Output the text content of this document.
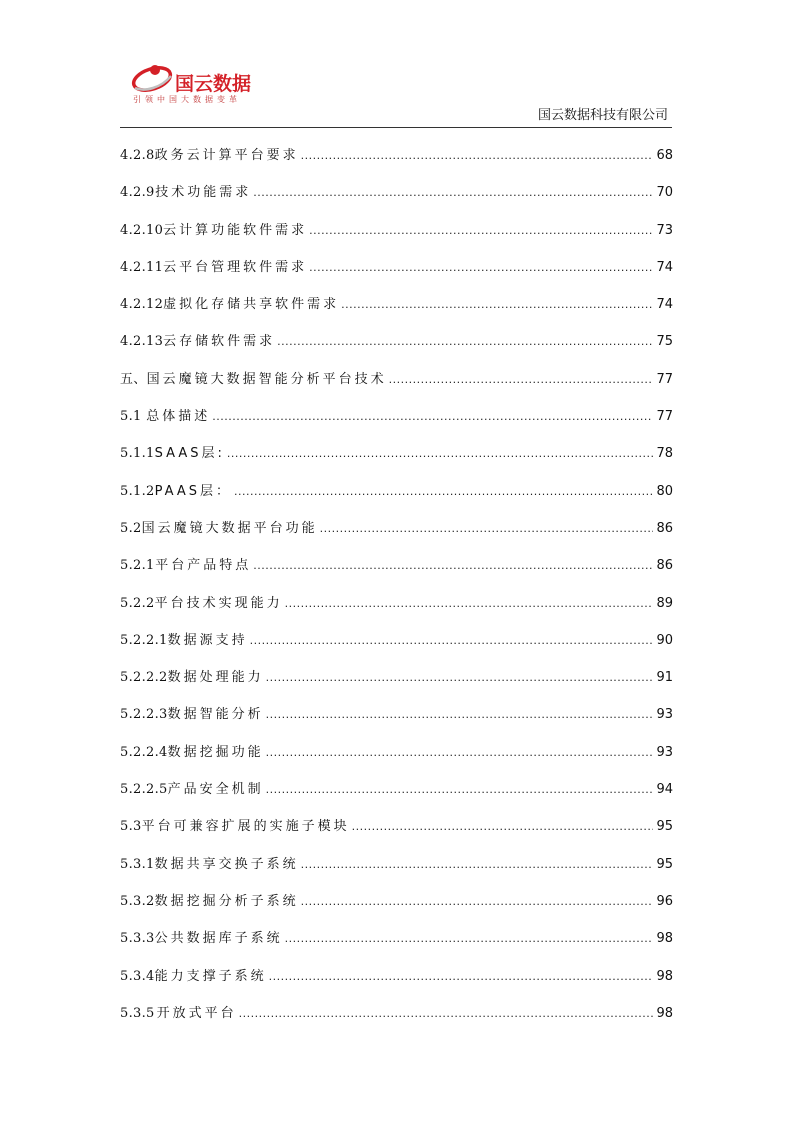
国云数据
引领中国大数据变革
国云数据科技有限公司
4.2.8 政务云计算平台要求 .....	68
4.2.9 技术功能需求 .....	70
4.2.10 云计算功能软件需求 .....	73
4.2.11 云平台管理软件需求 .....	74
4.2.12 虚拟化存储共享软件需求 .....	74
4.2.13 云存储软件需求 .....	75
五、 国云魔镜大数据智能分析平台技术 .....	77
5.1 总体描述 .....	77
5.1.1 SAAS层: .....	78
5.1.2 PAAS层： .....	80
5.2 国云魔镜大数据平台功能 .....	86
5.2.1 平台产品特点 .....	86
5.2.2 平台技术实现能力 .....	89
5.2.2.1 数据源支持 .....	90
5.2.2.2 数据处理能力 .....	91
5.2.2.3 数据智能分析 .....	93
5.2.2.4 数据挖掘功能 .....	93
5.2.2.5 产品安全机制 .....	94
5.3 平台可兼容扩展的实施子模块 .....	95
5.3.1 数据共享交换子系统 .....	95
5.3.2 数据挖掘分析子系统 .....	96
5.3.3 公共数据库子系统 .....	98
5.3.4 能力支撑子系统 .....	98
5.3.5 开放式平台 .....	98
